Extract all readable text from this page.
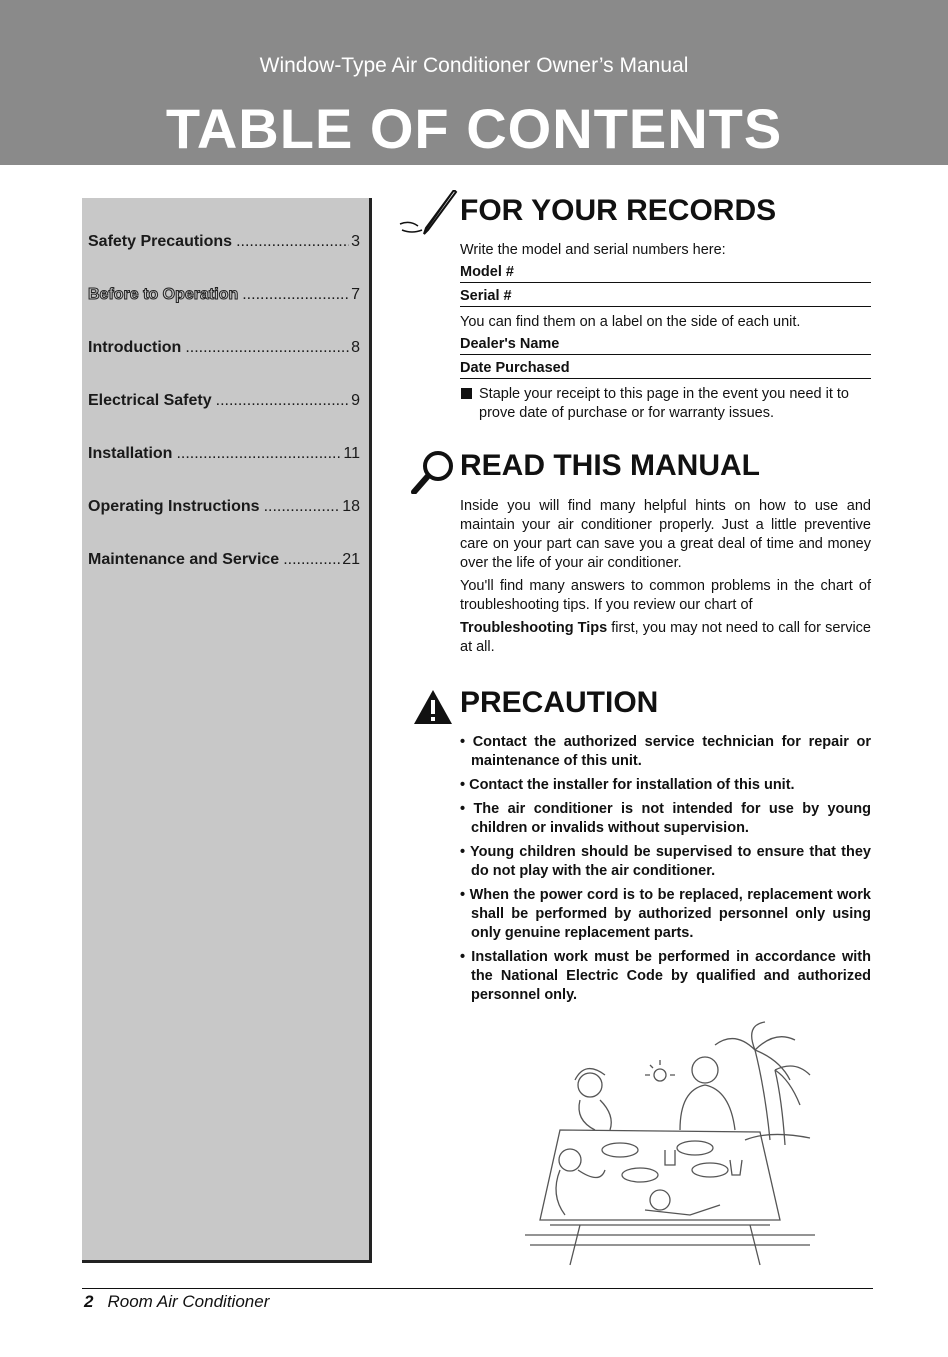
Window-Type Air Conditioner Owner’s Manual
TABLE OF CONTENTS
Safety Precautions .....	3
Before to Operation .....	7
Introduction .....	8
Electrical Safety .....	9
Installation .....	11
Operating Instructions .....	18
Maintenance and Service .....	21
FOR YOUR RECORDS

Write the model and serial numbers here:

Model #
Serial #

You can find them on a label on the side of each unit.

Dealer's Name
Date Purchased
Staple your receipt to this page in the event you need it to prove date of purchase or for warranty issues.
READ THIS MANUAL

Inside you will find many helpful hints on how to use and maintain your air conditioner properly. Just a little preventive care on your part can save you a great deal of time and money over the life of your air conditioner.

You'll find many answers to common problems in the chart of troubleshooting tips. If you review our chart of

Troubleshooting Tips first, you may not need to call for service at all.

PRECAUTION
• Contact the authorized service technician for repair or maintenance of this unit.
• Contact the installer for installation of this unit.
• The air conditioner is not intended for use by young children or invalids without supervision.
• Young children should be supervised to ensure that they do not play with the air conditioner.
• When the power cord is to be replaced, replacement work shall be performed by authorized personnel only using only genuine replacement parts.
• Installation work must be performed in accordance with the National Electric Code by qualified and authorized personnel only.
2 Room Air Conditioner
